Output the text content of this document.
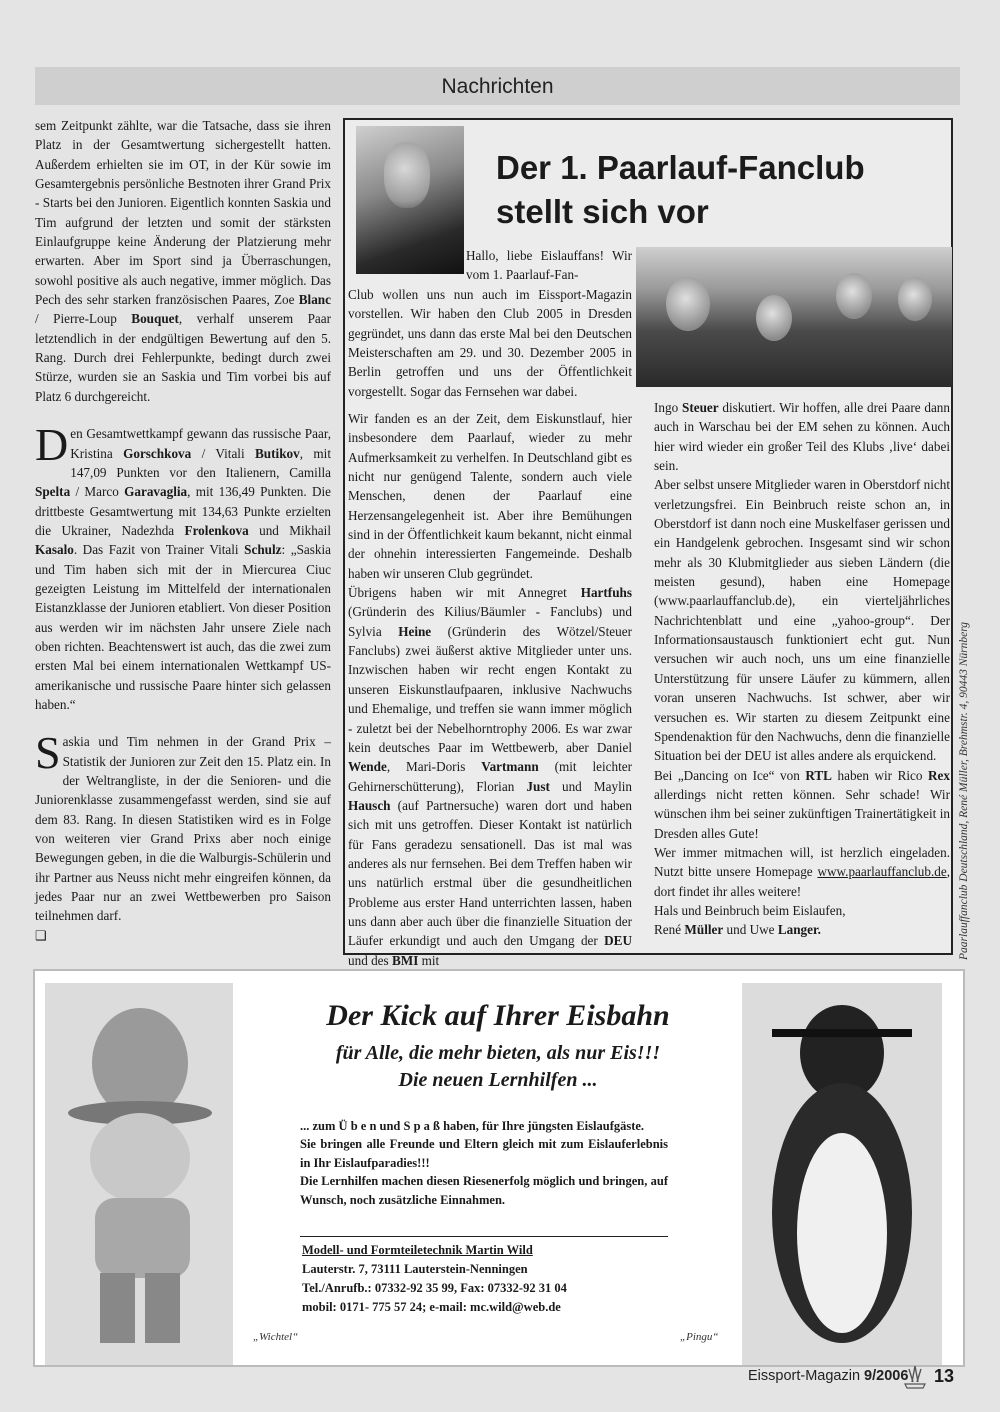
Nachrichten

sem Zeitpunkt zählte, war die Tatsache, dass sie ihren Platz in der Gesamtwertung sichergestellt hatten. Außerdem erhielten sie im OT, in der Kür sowie im Gesamtergebnis persönliche Bestnoten ihrer Grand Prix - Starts bei den Junioren. Eigentlich konnten Saskia und Tim aufgrund der letzten und somit der stärksten Einlaufgruppe keine Änderung der Platzierung mehr erwarten. Aber im Sport sind ja Überraschungen, sowohl positive als auch negative, immer möglich. Das Pech des sehr starken französischen Paares, Zoe Blanc / Pierre-Loup Bouquet, verhalf unserem Paar letztendlich in der endgültigen Bewertung auf den 5. Rang. Durch drei Fehlerpunkte, bedingt durch zwei Stürze, wurden sie an Saskia und Tim vorbei bis auf Platz 6 durchgereicht.

Den Gesamtwettkampf gewann das russische Paar, Kristina Gorschkova / Vitali Butikov, mit 147,09 Punkten vor den Italienern, Camilla Spelta / Marco Garavaglia, mit 136,49 Punkten. Die drittbeste Gesamtwertung mit 134,63 Punkte erzielten die Ukrainer, Nadezhda Frolenkova und Mikhail Kasalo. Das Fazit von Trainer Vitali Schulz: „Saskia und Tim haben sich mit der in Miercurea Ciuc gezeigten Leistung im Mittelfeld der internationalen Eistanzklasse der Junioren etabliert. Von dieser Position aus werden wir im nächsten Jahr unsere Ziele nach oben richten. Beachtenswert ist auch, das die zwei zum ersten Mal bei einem internationalen Wettkampf US-amerikanische und russische Paare hinter sich gelassen haben.“

Saskia und Tim nehmen in der Grand Prix – Statistik der Junioren zur Zeit den 15. Platz ein. In der Weltrangliste, in der die Senioren- und die Juniorenklasse zusammengefasst werden, sind sie auf dem 83. Rang. In diesen Statistiken wird es in Folge von weiteren vier Grand Prixs aber noch einige Bewegungen geben, in die die Walburgis-Schülerin und ihr Partner aus Neuss nicht mehr eingreifen können, da jedes Paar nur an zwei Wettbewerben pro Saison teilnehmen darf.

❑

Der 1. Paarlauf-Fanclub
stellt sich vor

Hallo, liebe Eislauffans! Wir vom 1. Paarlauf-Fan-

Club wollen uns nun auch im Eissport-Magazin vorstellen. Wir haben den Club 2005 in Dresden gegründet, uns dann das erste Mal bei den Deutschen Meisterschaften am 29. und 30. Dezember 2005 in Berlin getroffen und uns der Öffentlichkeit vorgestellt. Sogar das Fernsehen war dabei.

Wir fanden es an der Zeit, dem Eiskunstlauf, hier insbesondere dem Paarlauf, wieder zu mehr Aufmerksamkeit zu verhelfen. In Deutschland gibt es nicht nur genügend Talente, sondern auch viele Menschen, denen der Paarlauf eine Herzensangelegenheit ist. Aber ihre Bemühungen sind in der Öffentlichkeit kaum bekannt, nicht einmal der ohnehin interessierten Fangemeinde. Deshalb haben wir unseren Club gegründet.

Übrigens haben wir mit Annegret Hartfuhs (Gründerin des Kilius/Bäumler - Fanclubs) und Sylvia Heine (Gründerin des Wötzel/Steuer Fanclubs) zwei äußerst aktive Mitglieder unter uns. Inzwischen haben wir recht engen Kontakt zu unseren Eiskunstlaufpaaren, inklusive Nachwuchs und Ehemalige, und treffen sie wann immer möglich - zuletzt bei der Nebelhorntrophy 2006. Es war zwar kein deutsches Paar im Wettbewerb, aber Daniel Wende, Mari-Doris Vartmann (mit leichter Gehirnerschütterung), Florian Just und Maylin Hausch (auf Partnersuche) waren dort und haben sich mit uns getroffen. Dieser Kontakt ist natürlich für Fans geradezu sensationell. Das ist mal was anderes als nur fernsehen. Bei dem Treffen haben wir uns natürlich erstmal über die gesundheitlichen Probleme aus erster Hand unterrichten lassen, haben uns dann aber auch über die finanzielle Situation der Läufer erkundigt und auch den Umgang der DEU und des BMI mit

Ingo Steuer diskutiert. Wir hoffen, alle drei Paare dann auch in Warschau bei der EM sehen zu können. Auch hier wird wieder ein großer Teil des Klubs ‚live‘ dabei sein.

Aber selbst unsere Mitglieder waren in Oberstdorf nicht verletzungsfrei. Ein Beinbruch reiste schon an, in Oberstdorf ist dann noch eine Muskelfaser gerissen und ein Handgelenk gebrochen. Insgesamt sind wir schon mehr als 30 Klubmitglieder aus sieben Ländern (die meisten gesund), haben eine Homepage (www.paarlauffanclub.de), ein vierteljährliches Nachrichtenblatt und eine „yahoo-group“. Der Informationsaustausch funktioniert echt gut. Nun versuchen wir auch noch, uns um eine finanzielle Unterstützung für unsere Läufer zu kümmern, allen voran unseren Nachwuchs. Ist schwer, aber wir versuchen es. Wir starten zu diesem Zeitpunkt eine Spendenaktion für den Nachwuchs, denn die finanzielle Situation bei der DEU ist alles andere als erquickend.

Bei „Dancing on Ice“ von RTL haben wir Rico Rex allerdings nicht retten können. Sehr schade! Wir wünschen ihm bei seiner zukünftigen Trainertätigkeit in Dresden alles Gute!

Wer immer mitmachen will, ist herzlich eingeladen. Nutzt bitte unsere Homepage www.paarlauffanclub.de, dort findet ihr alles weitere!

Hals und Beinbruch beim Eislaufen,

René Müller und Uwe Langer.	Paarlauffanclub Deutschland, René Müller, Brehmstr. 4, 90443 Nürnberg
Der Kick auf Ihrer Eisbahn
für Alle, die mehr bieten, als nur Eis!!!
Die neuen Lernhilfen ...

... zum Ü b e n und S p a ß haben, für Ihre jüngsten Eislaufgäste.

Sie bringen alle Freunde und Eltern gleich mit zum Eislauferlebnis in Ihr Eislaufparadies!!!

Die Lernhilfen machen diesen Riesenerfolg möglich und bringen, auf Wunsch, noch zusätzliche Einnahmen.

Modell- und Formteiletechnik Martin Wild
Lauterstr. 7, 73111 Lauterstein-Nenningen
Tel./Anrufb.: 07332-92 35 99, Fax: 07332-92 31 04
mobil: 0171- 775 57 24; e-mail: mc.wild@web.de
„Wichtel“	„Pingu“
Eissport-Magazin 9/2006 13
